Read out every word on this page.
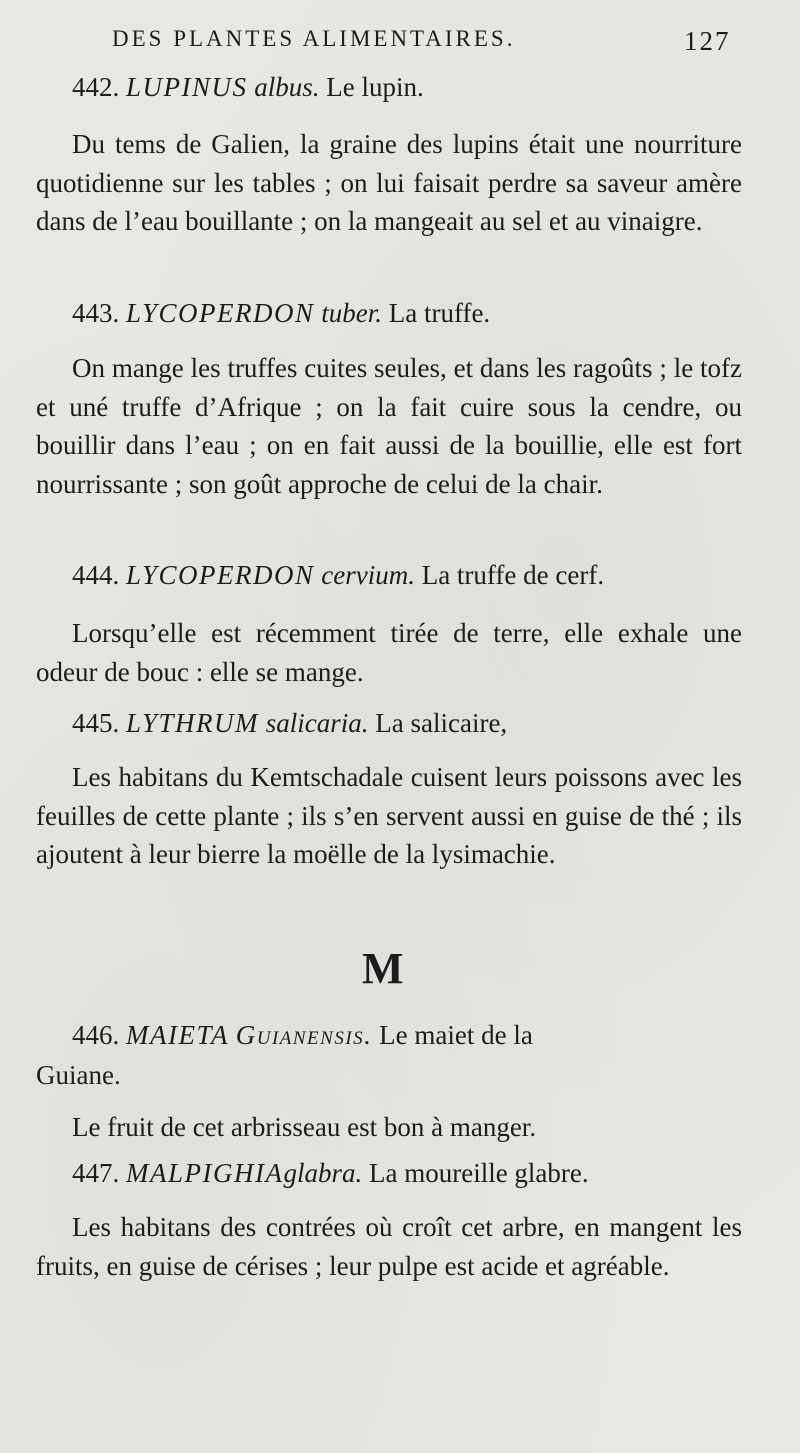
DES PLANTES ALIMENTAIRES.	127
442. LUPINUS albus. Le lupin.

Du tems de Galien, la graine des lupins était une nourriture quotidienne sur les tables ; on lui faisait perdre sa saveur amère dans de l’eau bouillante ; on la mangeait au sel et au vinaigre.

443. LYCOPERDON tuber. La truffe.

On mange les truffes cuites seules, et dans les ragoûts ; le tofz et uné truffe d’Afrique ; on la fait cuire sous la cendre, ou bouillir dans l’eau ; on en fait aussi de la bouillie, elle est fort nourrissante ; son goût approche de celui de la chair.

444. LYCOPERDON cervium. La truffe de cerf.

Lorsqu’elle est récemment tirée de terre, elle exhale une odeur de bouc : elle se mange.

445. LYTHRUM salicaria. La salicaire,

Les habitans du Kemtschadale cuisent leurs poissons avec les feuilles de cette plante ; ils s’en servent aussi en guise de thé ; ils ajoutent à leur bierre la moëlle de la lysimachie.

M
446. MAIETA Guianensis. Le maiet de la
Guiane.

Le fruit de cet arbrisseau est bon à manger.

447. MALPIGHIAglabra. La moureille glabre.

Les habitans des contrées où croît cet arbre, en mangent les fruits, en guise de cérises ; leur pulpe est acide et agréable.
